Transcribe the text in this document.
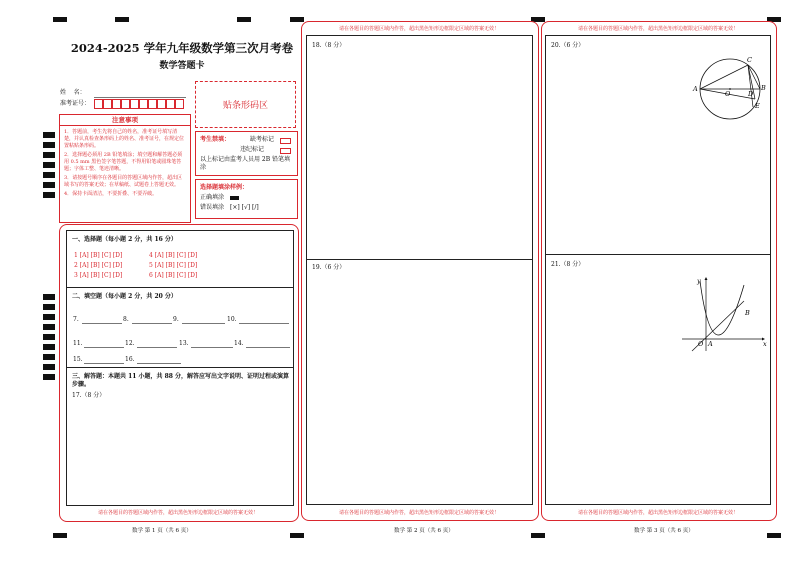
2024-2025 学年九年级数学第三次月考卷
数学答题卡
姓    名：
准考证号：	贴条形码区
注意事项
1．答题前，考生先将自己的姓名，准考证号填写清楚，并认真检查条形码上的姓名、准考证号，在规定位置粘贴条形码。
2．选择题必须用 2B 铅笔填涂；填空题和解答题必须用 0.5 mm 黑色签字笔答题，不得用铅笔或圆珠笔答题；字体工整、笔迹清晰。
3．请按题号顺序在各题目的答题区域内作答，超出区域书写的答案无效；在草稿纸、试题卷上答题无效。
4．保持卡面清洁，不要折叠、不要弄破。
考生禁填：	缺考标记
违纪标记
以上标记由监考人员用 2B 铅笔填涂
选择题填涂样例：
正确填涂
错误填涂 [×] [√] [/]
一、选择题（每小题 2 分，共 16 分）
1 [A] [B] [C] [D]
2 [A] [B] [C] [D]
3 [A] [B] [C] [D]
4 [A] [B] [C] [D]
5 [A] [B] [C] [D]
6 [A] [B] [C] [D]
二、填空题（每小题 2 分，共 20 分）
7.	8.	9.	10.
11.	12.	13.	14.
15.	16.
三、解答题：本题共 11 小题，共 88 分，解答应写出文字说明、证明过程或演算步骤。
17.（8 分）
请在各题目的答题区域内作答，超出黑色矩形边框限定区域的答案无效！
数学 第 1 页（共 6 页）
请在各题目的答题区域内作答，超出黑色矩形边框限定区域的答案无效！
18.（8 分）
19.（6 分）
请在各题目的答题区域内作答，超出黑色矩形边框限定区域的答案无效！
数学 第 2 页（共 6 页）
请在各题目的答题区域内作答，超出黑色矩形边框限定区域的答案无效！
20.（6 分）
A
O
C
D
B
E
21.（8 分）
y
x
O A
B
请在各题目的答题区域内作答，超出黑色矩形边框限定区域的答案无效！
数学 第 3 页（共 6 页）
